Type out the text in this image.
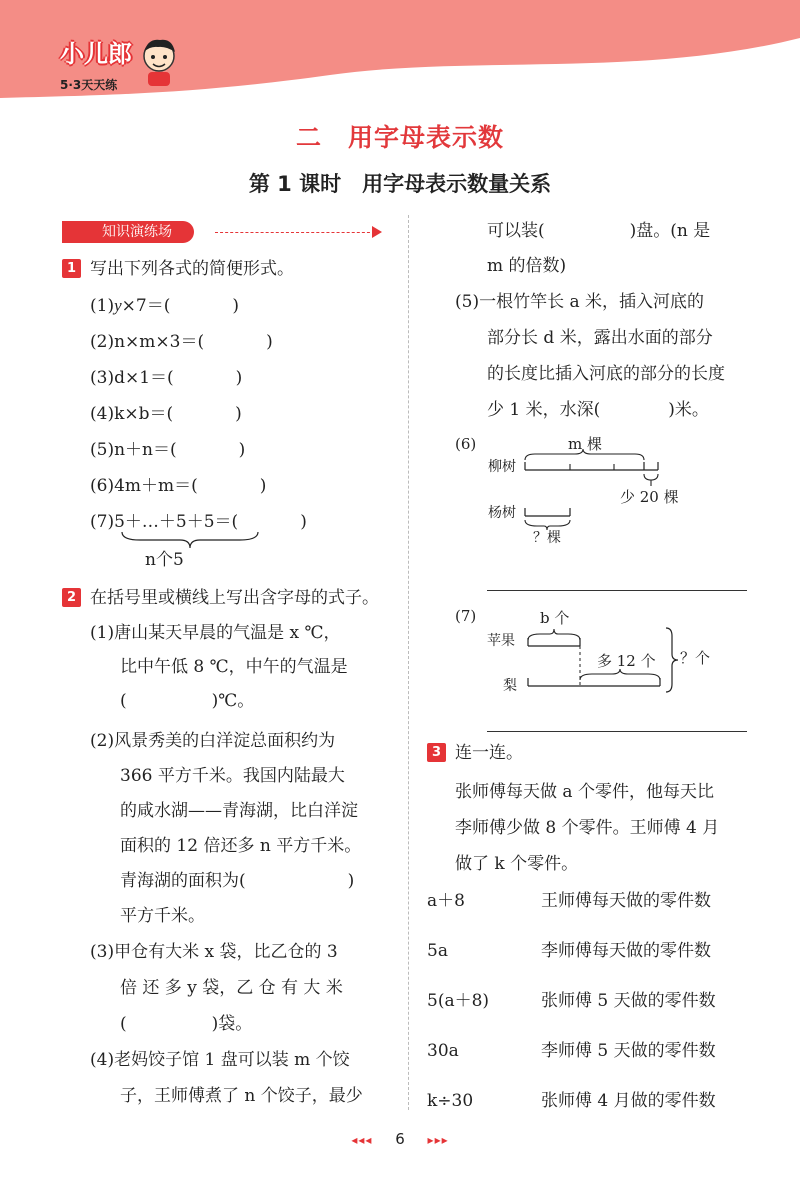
小儿郎
5·3天天练
二　用字母表示数
第 1 课时　用字母表示数量关系
知识演练场
1 写出下列各式的简便形式。
(1)y×7＝(	)
(2)n×m×3＝(	)
(3)d×1＝(	)
(4)k×b＝(	)
(5)n＋n＝(	)
(6)4m＋m＝(	)
(7)5＋…＋5＋5＝(	)
n个5
2 在括号里或横线上写出含字母的式子。
(1)唐山某天早晨的气温是 x ℃，
比中午低 8 ℃，中午的气温是
(　　　　　)℃。
(2)风景秀美的白洋淀总面积约为
366 平方千米。我国内陆最大
的咸水湖——青海湖，比白洋淀
面积的 12 倍还多 n 平方千米。
青海湖的面积为(　　　　　　)
平方千米。
(3)甲仓有大米 x 袋，比乙仓的 3
倍 还 多 y 袋，乙 仓 有 大 米
(　　　　　)袋。
(4)老妈饺子馆 1 盘可以装 m 个饺
子，王师傅煮了 n 个饺子，最少
可以装(　　　　　)盘。(n 是
m 的倍数)
(5)一根竹竿长 a 米，插入河底的
部分长 d 米，露出水面的部分
的长度比插入河底的部分的长度
少 1 米，水深(　　　　)米。
(6)	m 棵
柳树
杨树
少 20 棵
？棵
(7)	b 个
苹果
梨
多 12 个 ？个
3 连一连。
张师傅每天做 a 个零件，他每天比
李师傅少做 8 个零件。王师傅 4 月
做了 k 个零件。
a＋8
5a
5(a＋8)
30a
k÷30
王师傅每天做的零件数
李师傅每天做的零件数
张师傅 5 天做的零件数
李师傅 5 天做的零件数
张师傅 4 月做的零件数
◂◂◂ 6 ▸▸▸
